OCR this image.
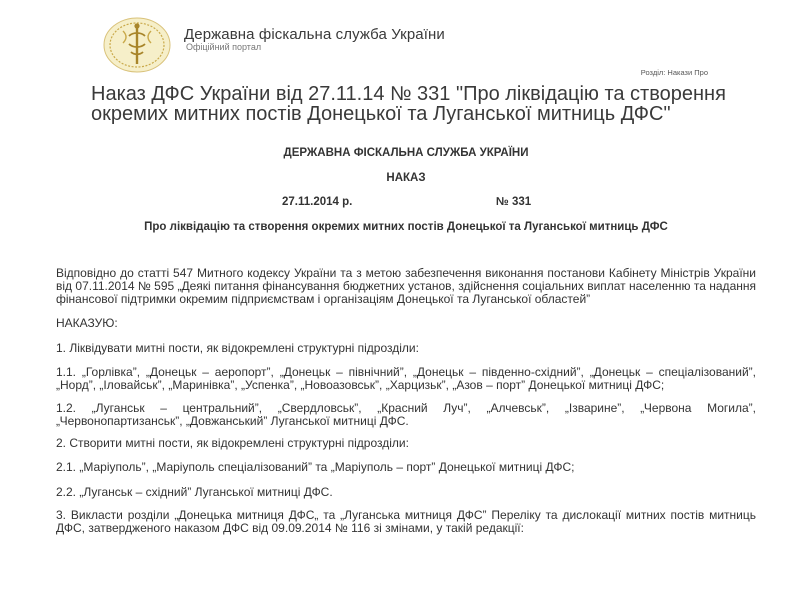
Державна фіскальна служба України
Офіційний портал
Розділ: Накази Про
Наказ ДФС України від 27.11.14 № 331 "Про ліквідацію та створення окремих митних постів Донецької та Луганської митниць ДФС"
ДЕРЖАВНА ФІСКАЛЬНА СЛУЖБА УКРАЇНИ
НАКАЗ
27.11.2014 р.	№ 331
Про ліквідацію та створення окремих митних постів Донецької та Луганської митниць ДФС

Відповідно до статті 547 Митного кодексу України та з метою забезпечення виконання постанови Кабінету Міністрів України від 07.11.2014 № 595 „Деякі питання фінансування бюджетних установ, здійснення соціальних виплат населенню та надання фінансової підтримки окремим підприємствам і організаціям Донецької та Луганської областей”

НАКАЗУЮ:

1. Ліквідувати митні пости, як відокремлені структурні підрозділи:

1.1. „Горлівка”, „Донецьк – аеропорт”, „Донецьк – північний”, „Донецьк – південно-східний”, „Донецьк – спеціалізований”, „Норд”, „Іловайськ”, „Маринівка”, „Успенка”, „Новоазовськ”, „Харцизьк”, „Азов – порт” Донецької митниці ДФС;

1.2. „Луганськ – центральний”, „Свердловськ”, „Красний Луч”, „Алчевськ”, „Ізварине”, „Червона Могила”, „Червонопартизанськ”, „Довжанський” Луганської митниці ДФС.

2. Створити митні пости, як відокремлені структурні підрозділи:

2.1. „Маріуполь”, „Маріуполь спеціалізований” та „Маріуполь – порт” Донецької митниці ДФС;

2.2. „Луганськ – східний” Луганської митниці ДФС.

3. Викласти розділи „Донецька митниця ДФС„ та „Луганська митниця ДФС” Переліку та дислокації митних постів митниць ДФС, затвердженого наказом ДФС від 09.09.2014 № 116 зі змінами, у такій редакції:
